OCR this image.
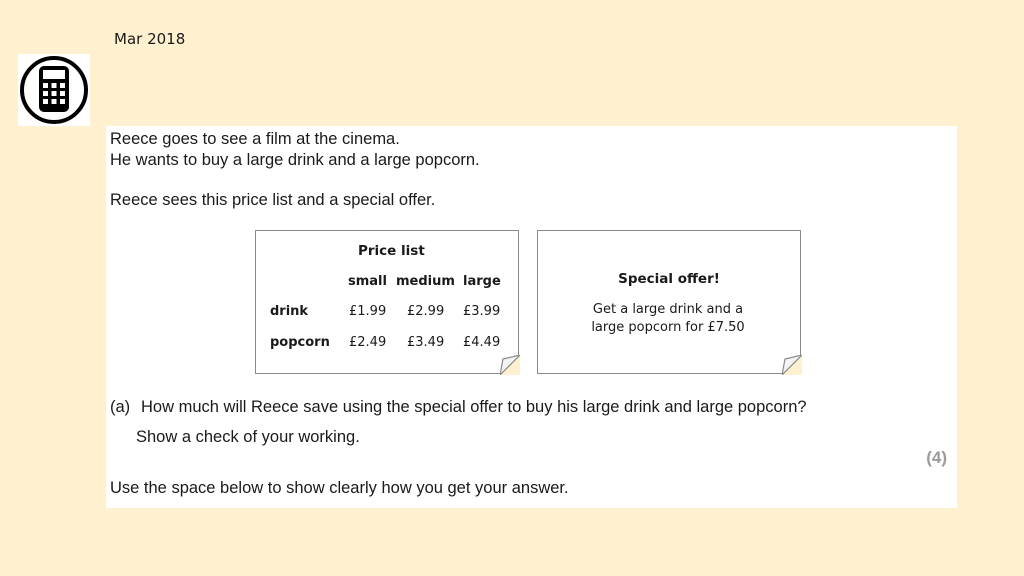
Mar 2018
Reece goes to see a film at the cinema.
He wants to buy a large drink and a large popcorn.
Reece sees this price list and a special offer.
Price list
small medium large
drink	£1.99 £2.99 £3.99
popcorn £2.49 £3.49 £4.49
Special offer!
Get a large drink and a
large popcorn for £7.50
(a) How much will Reece save using the special offer to buy his large drink and large popcorn?
Show a check of your working.
(4)
Use the space below to show clearly how you get your answer.
